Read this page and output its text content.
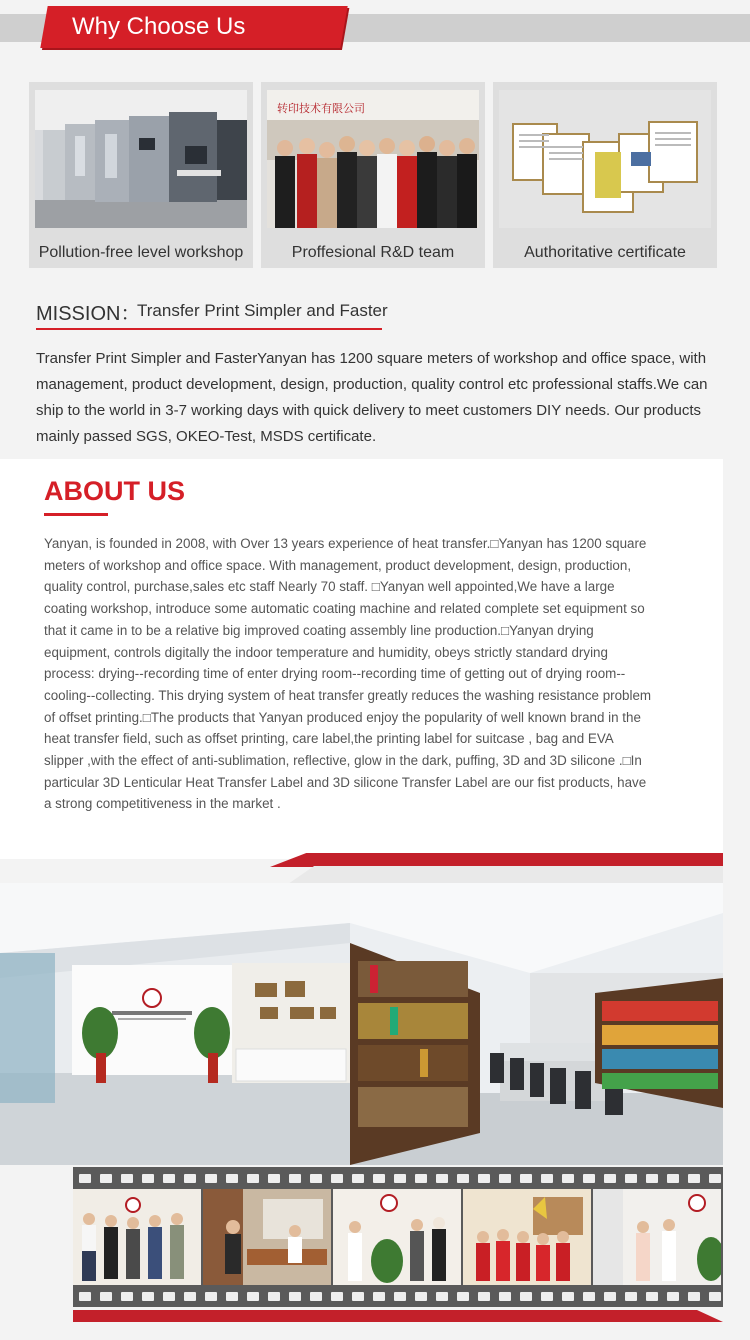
Why Choose Us
Pollution-free level workshop
转印技术有限公司
Proffesional R&D team	Authoritative certificate
MISSION：
Transfer Print Simpler and Faster
Transfer Print Simpler and FasterYanyan has 1200 square meters of workshop and office space, with management, product development, design, production, quality control etc professional staffs.We can ship to the world in 3-7 working days with quick delivery to meet customers DIY needs. Our products mainly passed SGS, OKEO-Test, MSDS certificate.
ABOUT US
Yanyan, is founded in 2008, with Over 13 years experience of heat transfer.□Yanyan has 1200 square meters of workshop and office space. With management, product development, design, production, quality control, purchase,sales etc staff Nearly 70 staff. □Yanyan well appointed,We have a large coating workshop, introduce some automatic coating machine and related complete set equipment so that it came in to be a relative big improved coating assembly line production.□Yanyan drying equipment, controls digitally the indoor temperature and humidity, obeys strictly standard drying process: drying--recording time of enter drying room--recording time of getting out of drying room--cooling--collecting. This drying system of heat transfer greatly reduces the washing resistance problem of offset printing.□The products that Yanyan produced enjoy the popularity of well known brand in the heat transfer field, such as offset printing, care label,the printing label for suitcase , bag and EVA slipper ,with the effect of anti-sublimation, reflective, glow in the dark, puffing, 3D and 3D silicone .□In particular 3D Lenticular Heat Transfer Label and 3D silicone Transfer Label are our fist products, have a strong competitiveness in the market .
